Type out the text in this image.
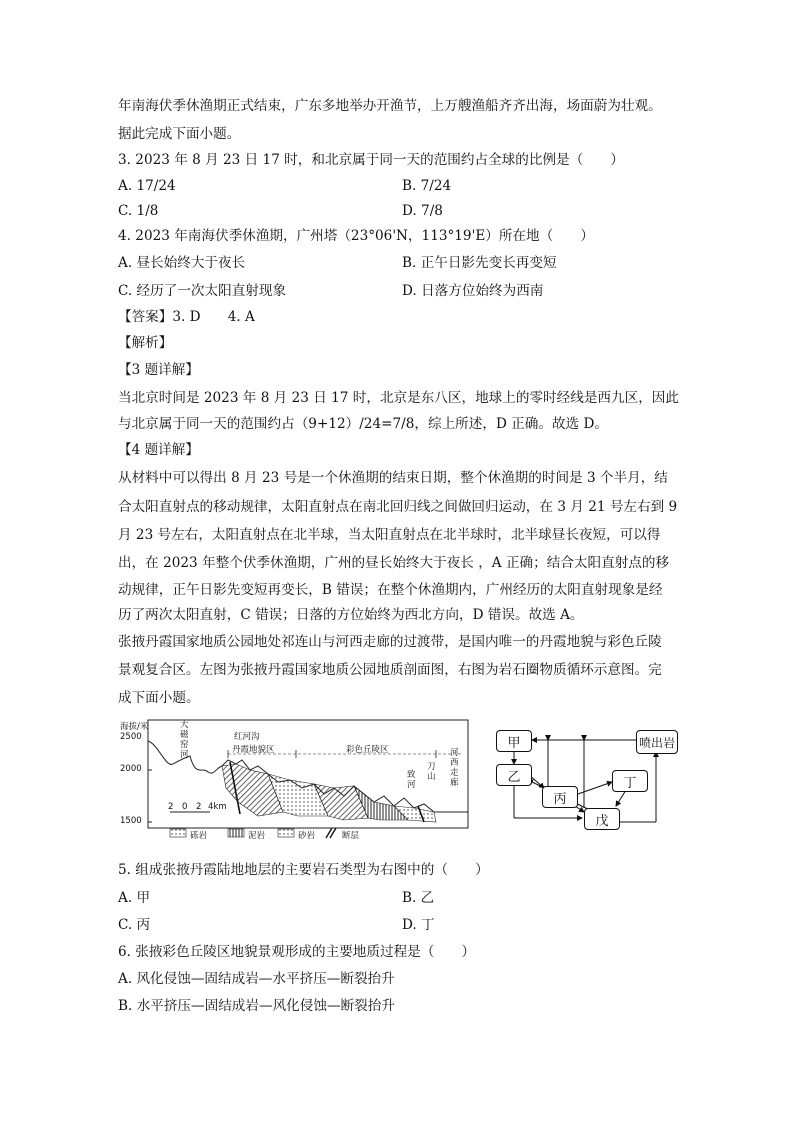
年南海伏季休渔期正式结束，广东多地举办开渔节，上万艘渔船齐齐出海，场面蔚为壮观。
据此完成下面小题。
3. 2023 年 8 月 23 日 17 时，和北京属于同一天的范围约占全球的比例是（　　）
A. 17/24	B. 7/24
C. 1/8	D. 7/8
4. 2023 年南海伏季休渔期，广州塔（23°06'N，113°19'E）所在地（　　）
A. 昼长始终大于夜长	B. 正午日影先变长再变短
C. 经历了一次太阳直射现象	D. 日落方位始终为西南
【答案】3. D　　4. A
【解析】
【3 题详解】
当北京时间是 2023 年 8 月 23 日 17 时，北京是东八区，地球上的零时经线是西九区，因此
与北京属于同一天的范围约占（9+12）/24=7/8，综上所述，D 正确。故选 D。
【4 题详解】
从材料中可以得出 8 月 23 号是一个休渔期的结束日期，整个休渔期的时间是 3 个半月，结
合太阳直射点的移动规律，太阳直射点在南北回归线之间做回归运动，在 3 月 21 号左右到 9
月 23 号左右，太阳直射点在北半球，当太阳直射点在北半球时，北半球昼长夜短，可以得
出，在 2023 年整个伏季休渔期，广州的昼长始终大于夜长 ，A 正确；结合太阳直射点的移
动规律，正午日影先变短再变长，B 错误；在整个休渔期内，广州经历的太阳直射现象是经
历了两次太阳直射，C 错误；日落的方位始终为西北方向，D 错误。故选 A。
张掖丹霞国家地质公园地处祁连山与河西走廊的过渡带，是国内唯一的丹霞地貌与彩色丘陵
景观复合区。左图为张掖丹霞国家地质公园地质剖面图，右图为岩石圈物质循环示意图。完
成下面小题。
海拔/米
2500
2000
1500
大
磁
窑
河
红河沟
丹霞地貌区	彩色丘陵区
致
河
刀
山
河
西
走
廊
2 0 2 4km
砾岩	泥岩	砂岩	断层
甲
乙
丙
丁
戊
喷出岩
5. 组成张掖丹霞陆地地层的主要岩石类型为右图中的（　　）
A. 甲	B. 乙
C. 丙	D. 丁
6. 张掖彩色丘陵区地貌景观形成的主要地质过程是（　　）
A. 风化侵蚀—固结成岩—水平挤压—断裂抬升
B. 水平挤压—固结成岩—风化侵蚀—断裂抬升
